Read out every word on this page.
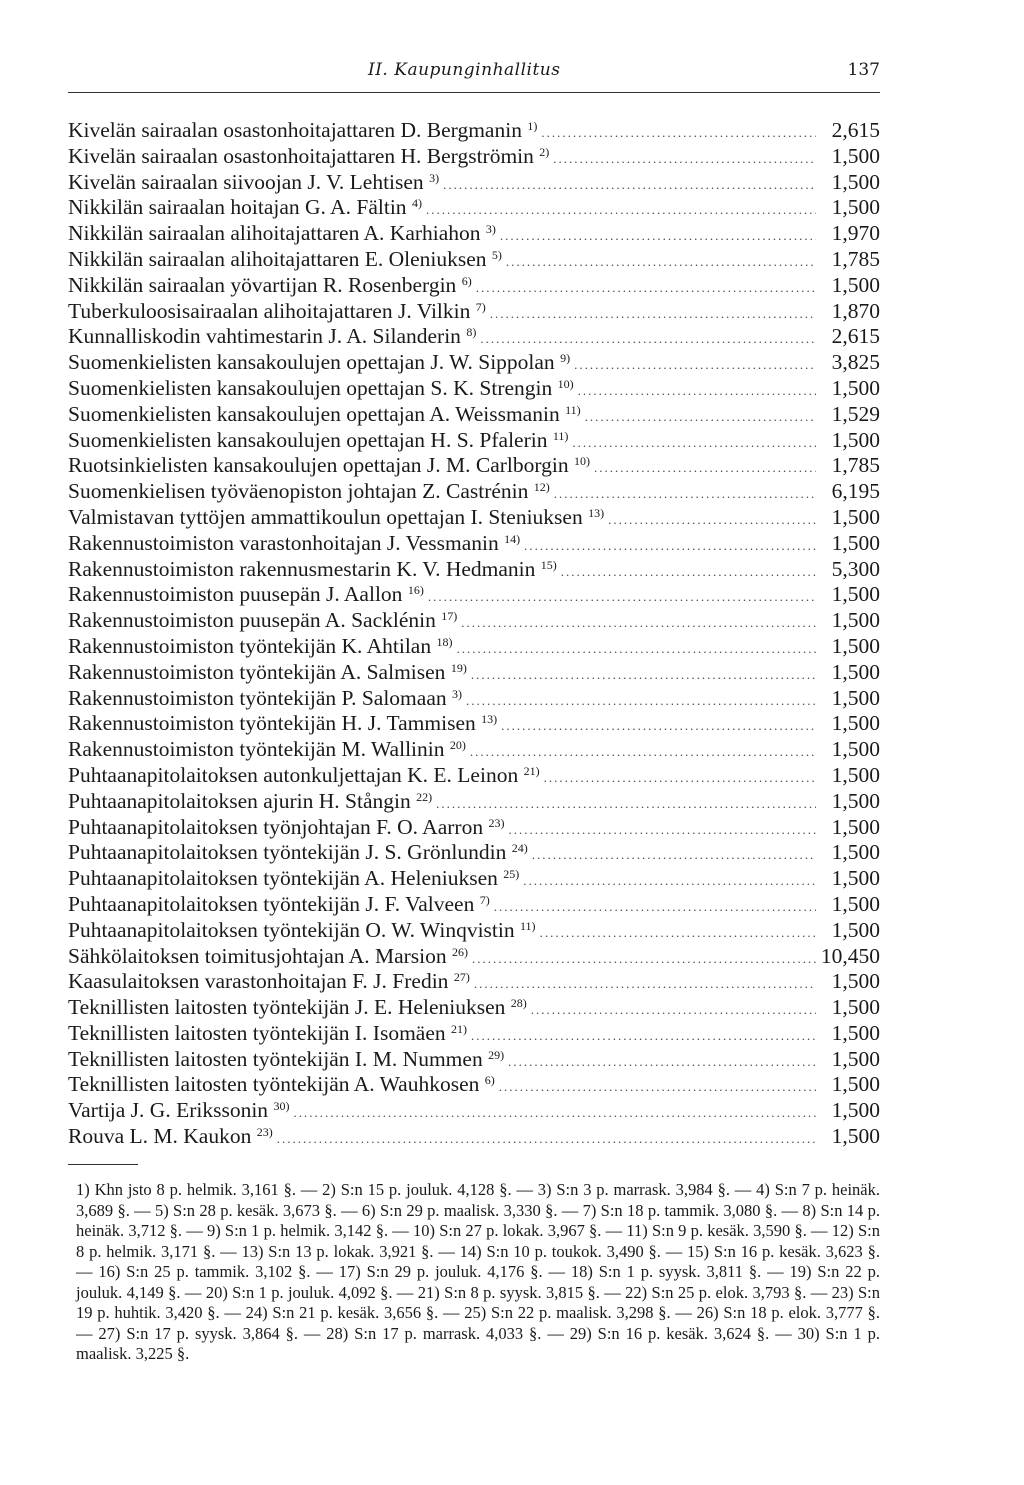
II. Kaupunginhallitus	137
Kivelän sairaalan osastonhoitajattaren D. Bergmanin $^{1)}$ .....	2,615
Kivelän sairaalan osastonhoitajattaren H. Bergströmin $^{2)}$ .....	1,500
Kivelän sairaalan siivoojan J. V. Lehtisen $^{3)}$ .....	1,500
Nikkilän sairaalan hoitajan G. A. Fältin $^{4)}$ .....	1,500
Nikkilän sairaalan alihoitajattaren A. Karhiahon $^{3)}$ .....	1,970
Nikkilän sairaalan alihoitajattaren E. Oleniuksen $^{5)}$ .....	1,785
Nikkilän sairaalan yövartijan R. Rosenbergin $^{6)}$ .....	1,500
Tuberkuloosisairaalan alihoitajattaren J. Vilkin $^{7)}$ .....	1,870
Kunnalliskodin vahtimestarin J. A. Silanderin $^{8)}$ .....	2,615
Suomenkielisten kansakoulujen opettajan J. W. Sippolan $^{9)}$ .....	3,825
Suomenkielisten kansakoulujen opettajan S. K. Strengin $^{10)}$ .....	1,500
Suomenkielisten kansakoulujen opettajan A. Weissmanin $^{11)}$ .....	1,529
Suomenkielisten kansakoulujen opettajan H. S. Pfalerin $^{11)}$ .....	1,500
Ruotsinkielisten kansakoulujen opettajan J. M. Carlborgin $^{10)}$ .....	1,785
Suomenkielisen työväenopiston johtajan Z. Castrénin $^{12)}$ .....	6,195
Valmistavan tyttöjen ammattikoulun opettajan I. Steniuksen $^{13)}$ .....	1,500
Rakennustoimiston varastonhoitajan J. Vessmanin $^{14)}$ .....	1,500
Rakennustoimiston rakennusmestarin K. V. Hedmanin $^{15)}$ .....	5,300
Rakennustoimiston puusepän J. Aallon $^{16)}$ .....	1,500
Rakennustoimiston puusepän A. Sacklénin $^{17)}$ .....	1,500
Rakennustoimiston työntekijän K. Ahtilan $^{18)}$ .....	1,500
Rakennustoimiston työntekijän A. Salmisen $^{19)}$ .....	1,500
Rakennustoimiston työntekijän P. Salomaan $^{3)}$ .....	1,500
Rakennustoimiston työntekijän H. J. Tammisen $^{13)}$ .....	1,500
Rakennustoimiston työntekijän M. Wallinin $^{20)}$ .....	1,500
Puhtaanapitolaitoksen autonkuljettajan K. E. Leinon $^{21)}$ .....	1,500
Puhtaanapitolaitoksen ajurin H. Stångin $^{22)}$ .....	1,500
Puhtaanapitolaitoksen työnjohtajan F. O. Aarron $^{23)}$ .....	1,500
Puhtaanapitolaitoksen työntekijän J. S. Grönlundin $^{24)}$ .....	1,500
Puhtaanapitolaitoksen työntekijän A. Heleniuksen $^{25)}$ .....	1,500
Puhtaanapitolaitoksen työntekijän J. F. Valveen $^{7)}$ .....	1,500
Puhtaanapitolaitoksen työntekijän O. W. Winqvistin $^{11)}$ .....	1,500
Sähkölaitoksen toimitusjohtajan A. Marsion $^{26)}$ .....	10,450
Kaasulaitoksen varastonhoitajan F. J. Fredin $^{27)}$ .....	1,500
Teknillisten laitosten työntekijän J. E. Heleniuksen $^{28)}$ .....	1,500
Teknillisten laitosten työntekijän I. Isomäen $^{21)}$ .....	1,500
Teknillisten laitosten työntekijän I. M. Nummen $^{29)}$ .....	1,500
Teknillisten laitosten työntekijän A. Wauhkosen $^{6)}$ .....	1,500
Vartija J. G. Erikssonin $^{30)}$ .....	1,500
Rouva L. M. Kaukon $^{23)}$ .....	1,500

1) Khn jsto 8 p. helmik. 3,161 §. — 2) S:n 15 p. jouluk. 4,128 §. — 3) S:n 3 p. marrask. 3,984 §. — 4) S:n 7 p. heinäk. 3,689 §. — 5) S:n 28 p. kesäk. 3,673 §. — 6) S:n 29 p. maalisk. 3,330 §. — 7) S:n 18 p. tammik. 3,080 §. — 8) S:n 14 p. heinäk. 3,712 §. — 9) S:n 1 p. helmik. 3,142 §. — 10) S:n 27 p. lokak. 3,967 §. — 11) S:n 9 p. kesäk. 3,590 §. — 12) S:n 8 p. helmik. 3,171 §. — 13) S:n 13 p. lokak. 3,921 §. — 14) S:n 10 p. toukok. 3,490 §. — 15) S:n 16 p. kesäk. 3,623 §. — 16) S:n 25 p. tammik. 3,102 §. — 17) S:n 29 p. jouluk. 4,176 §. — 18) S:n 1 p. syysk. 3,811 §. — 19) S:n 22 p. jouluk. 4,149 §. — 20) S:n 1 p. jouluk. 4,092 §. — 21) S:n 8 p. syysk. 3,815 §. — 22) S:n 25 p. elok. 3,793 §. — 23) S:n 19 p. huhtik. 3,420 §. — 24) S:n 21 p. kesäk. 3,656 §. — 25) S:n 22 p. maalisk. 3,298 §. — 26) S:n 18 p. elok. 3,777 §. — 27) S:n 17 p. syysk. 3,864 §. — 28) S:n 17 p. marrask. 4,033 §. — 29) S:n 16 p. kesäk. 3,624 §. — 30) S:n 1 p. maalisk. 3,225 §.
